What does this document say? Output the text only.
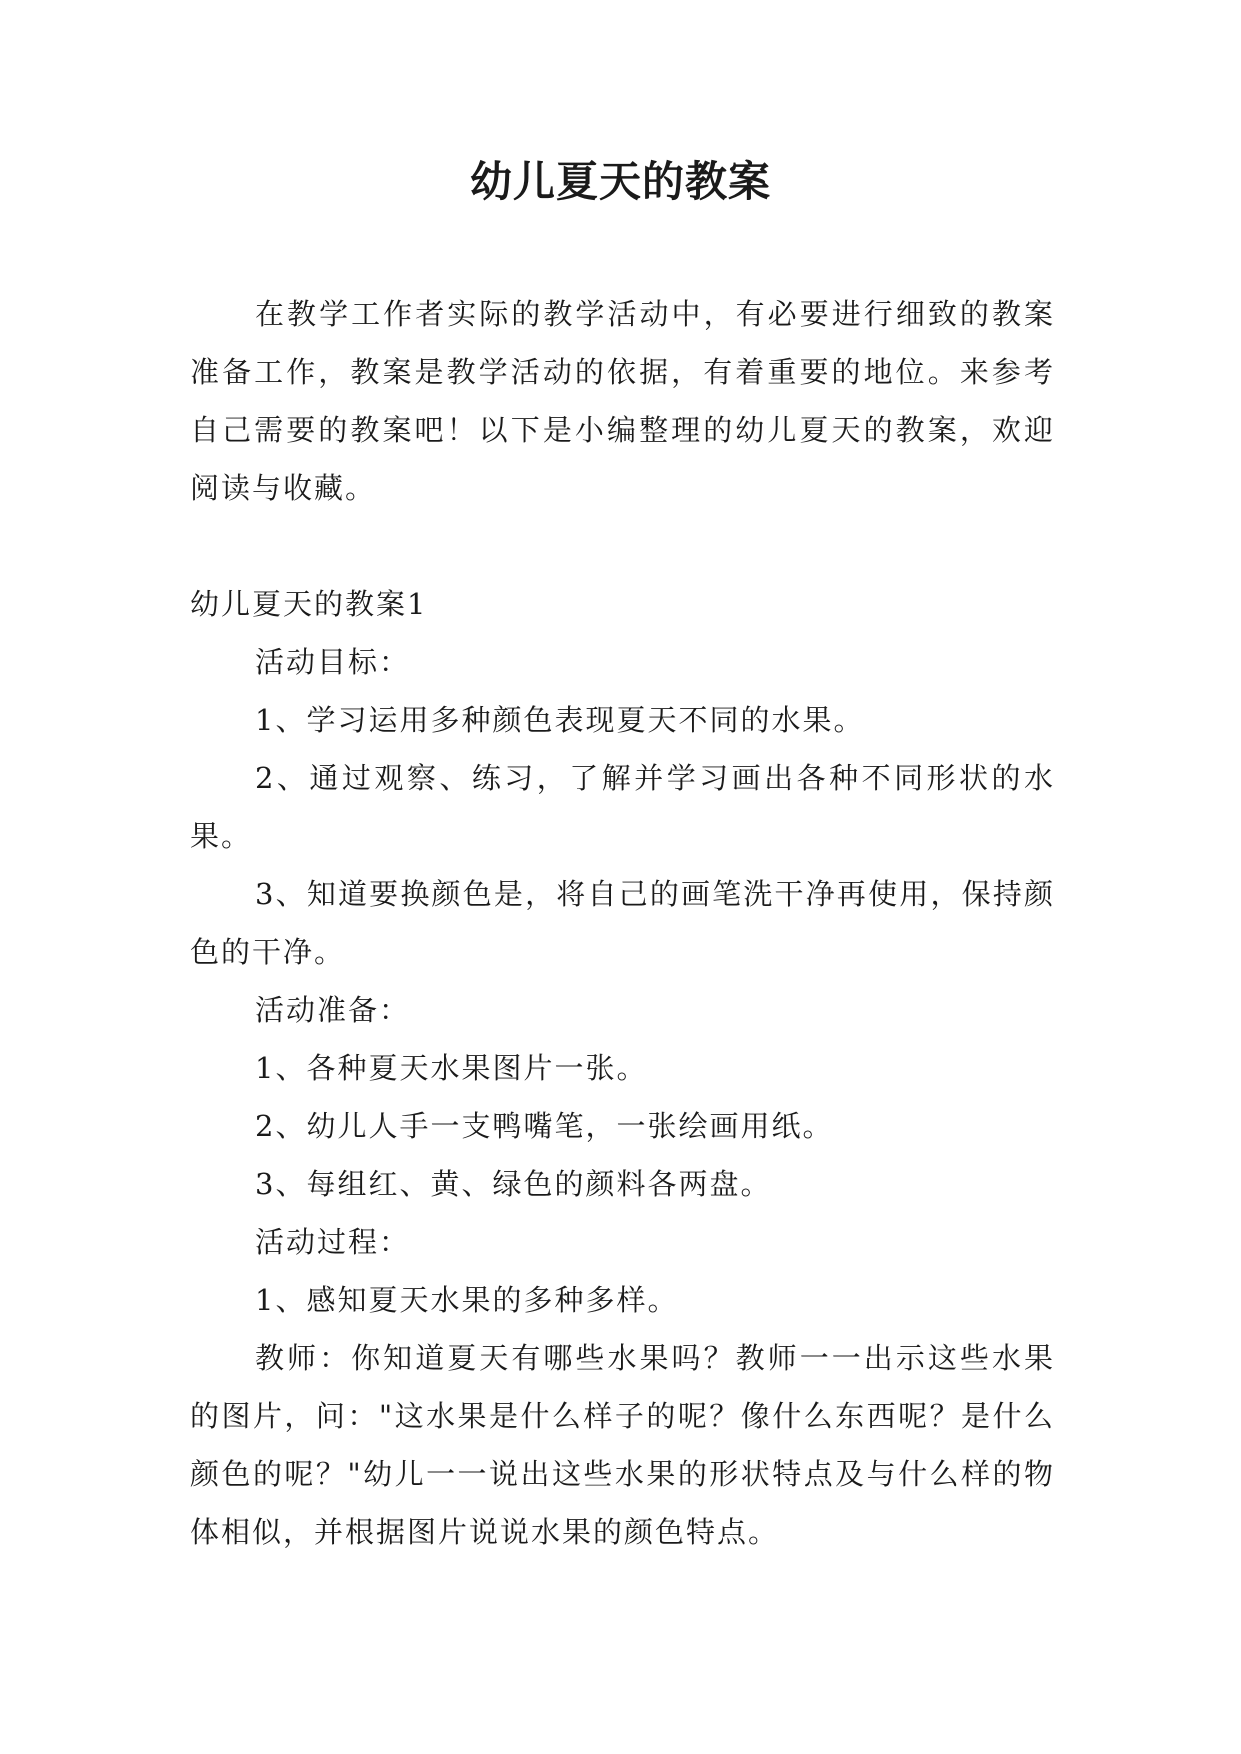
幼儿夏天的教案

在教学工作者实际的教学活动中，有必要进行细致的教案准备工作，教案是教学活动的依据，有着重要的地位。来参考自己需要的教案吧！以下是小编整理的幼儿夏天的教案，欢迎阅读与收藏。

幼儿夏天的教案1

活动目标：

1、学习运用多种颜色表现夏天不同的水果。

2、通过观察、练习，了解并学习画出各种不同形状的水果。

3、知道要换颜色是，将自己的画笔洗干净再使用，保持颜色的干净。

活动准备：

1、各种夏天水果图片一张。

2、幼儿人手一支鸭嘴笔，一张绘画用纸。

3、每组红、黄、绿色的颜料各两盘。

活动过程：

1、感知夏天水果的多种多样。

教师：你知道夏天有哪些水果吗？教师一一出示这些水果的图片，问："这水果是什么样子的呢？像什么东西呢？是什么颜色的呢？"幼儿一一说出这些水果的形状特点及与什么样的物体相似，并根据图片说说水果的颜色特点。
